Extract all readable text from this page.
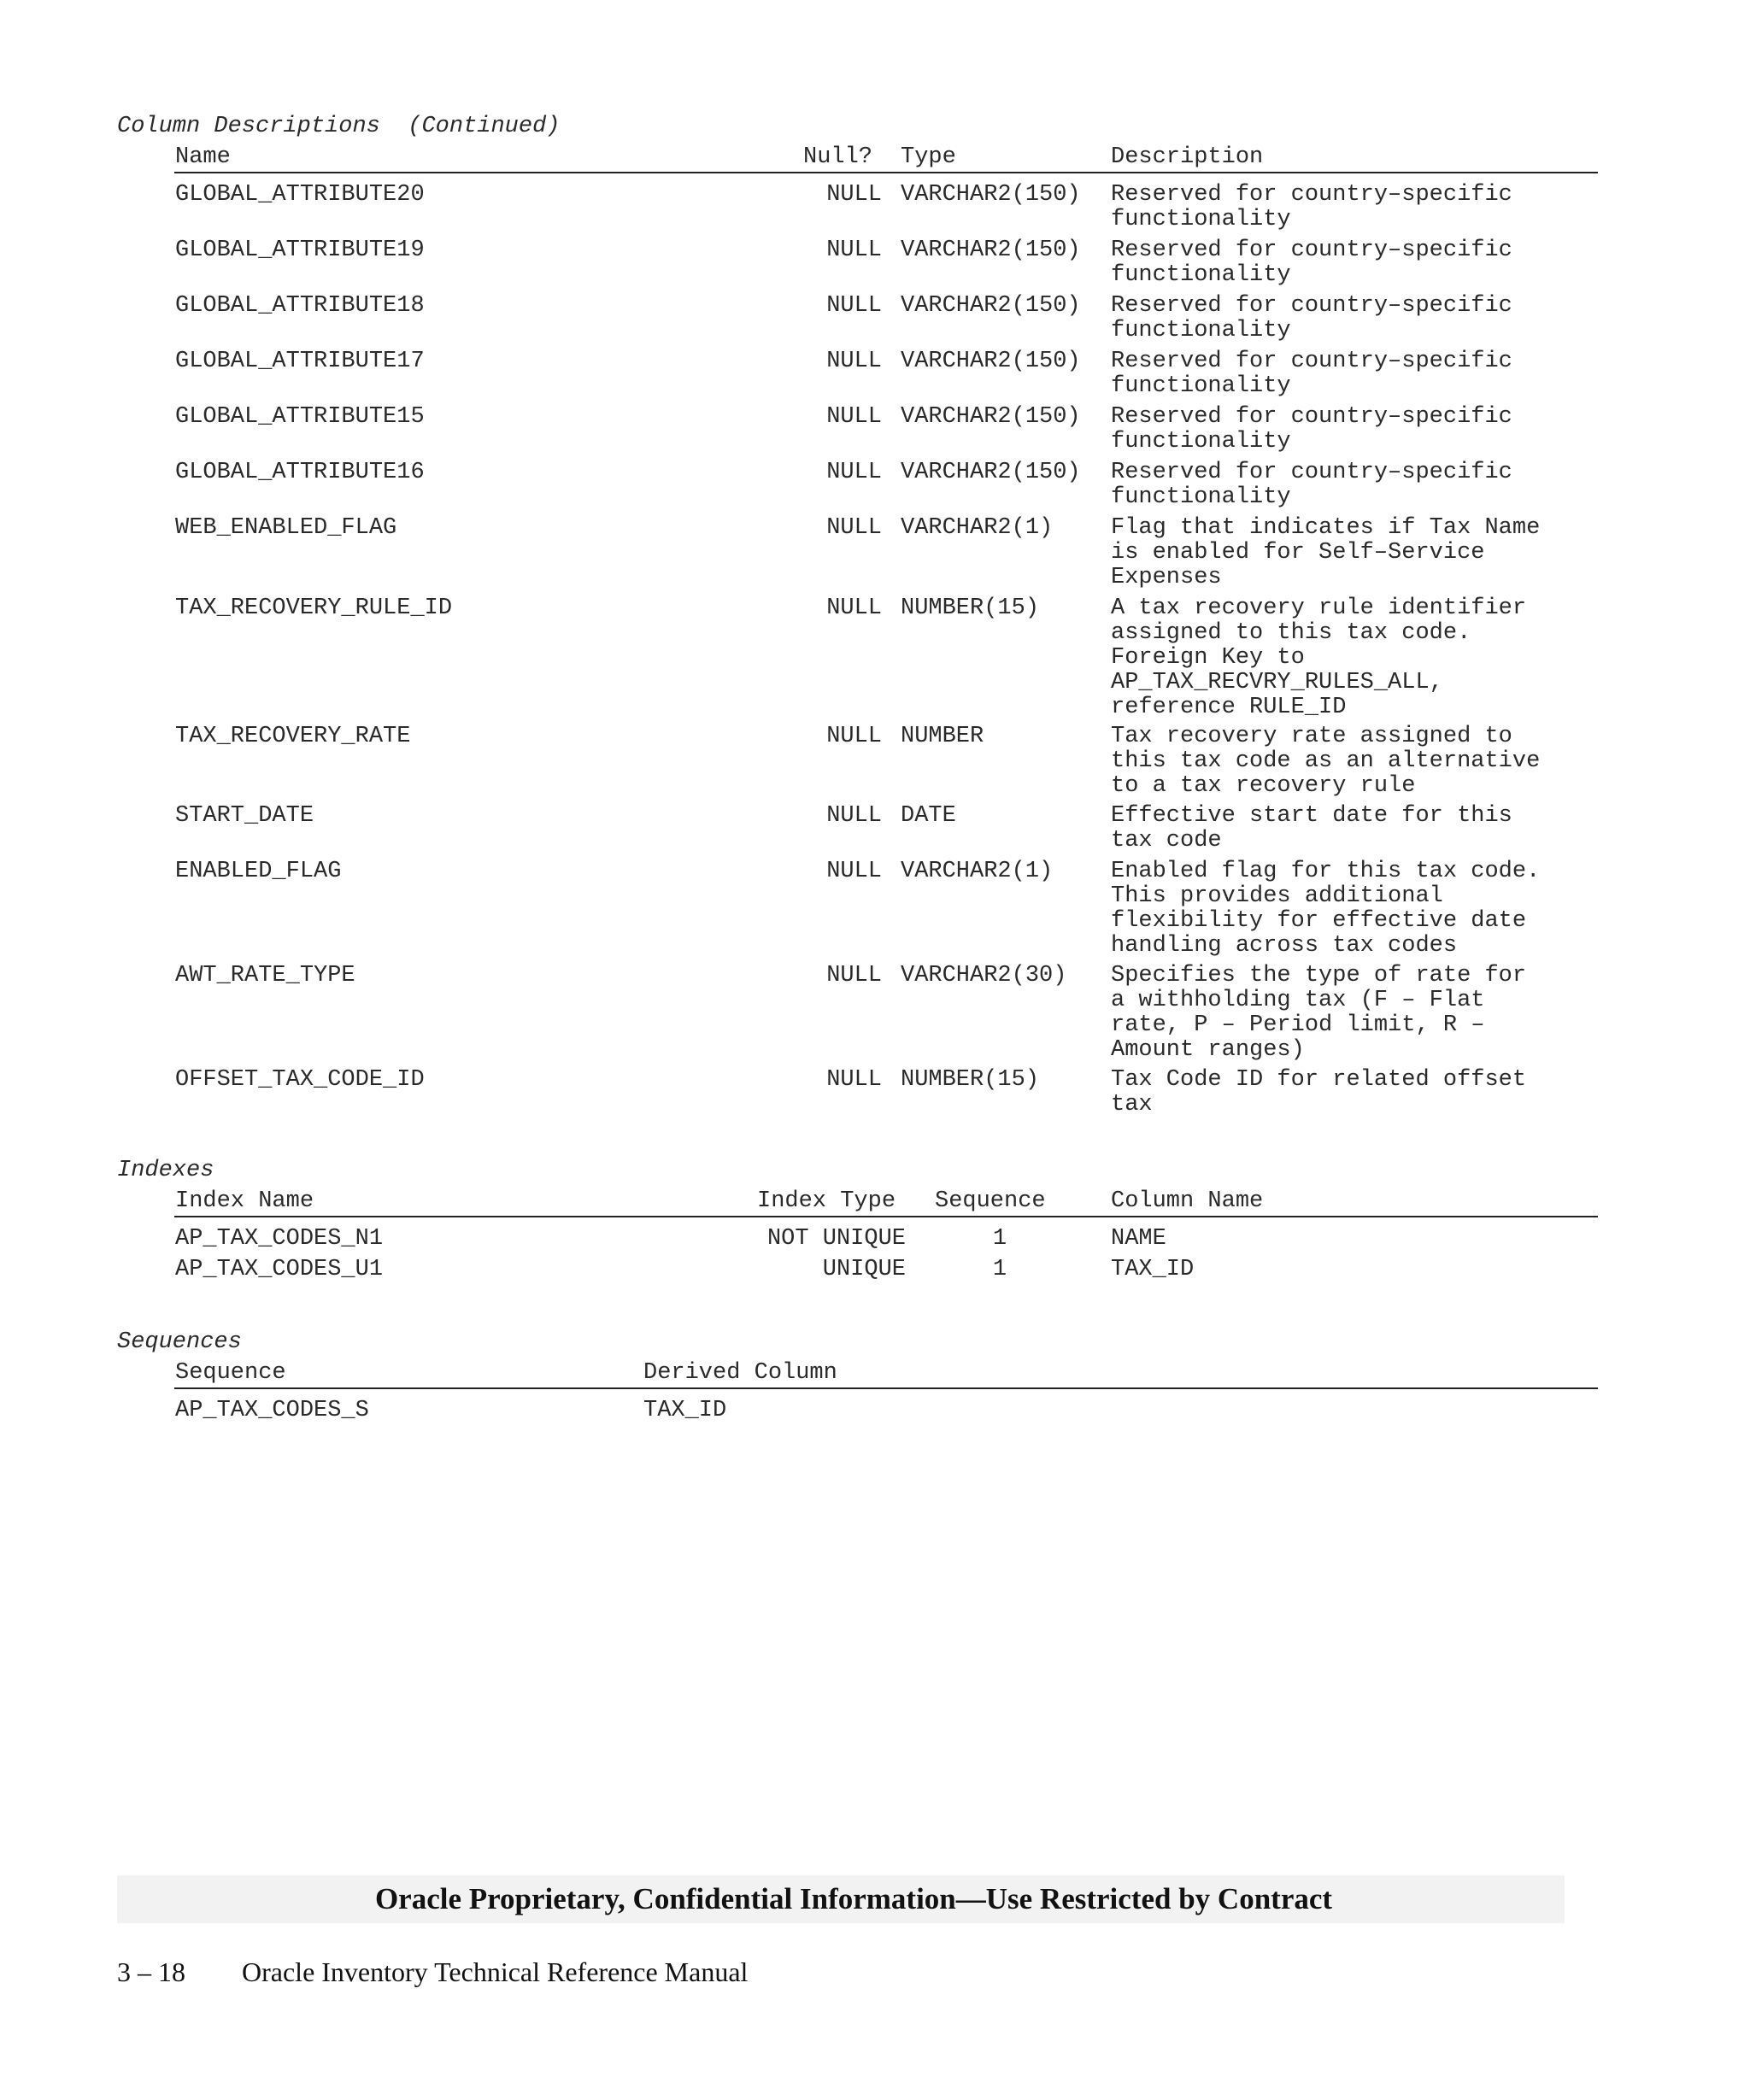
Column Descriptions  (Continued)
Name	Null? Type	Description
GLOBAL_ATTRIBUTE20	NULL VARCHAR2(150) Reserved for country–specific
functionality
GLOBAL_ATTRIBUTE19	NULL VARCHAR2(150) Reserved for country–specific
functionality
GLOBAL_ATTRIBUTE18	NULL VARCHAR2(150) Reserved for country–specific
functionality
GLOBAL_ATTRIBUTE17	NULL VARCHAR2(150) Reserved for country–specific
functionality
GLOBAL_ATTRIBUTE15	NULL VARCHAR2(150) Reserved for country–specific
functionality
GLOBAL_ATTRIBUTE16	NULL VARCHAR2(150) Reserved for country–specific
functionality
WEB_ENABLED_FLAG	NULL VARCHAR2(1)	Flag that indicates if Tax Name
is enabled for Self–Service
Expenses
TAX_RECOVERY_RULE_ID	NULL NUMBER(15)	A tax recovery rule identifier
assigned to this tax code.
Foreign Key to
AP_TAX_RECVRY_RULES_ALL,
reference RULE_ID
TAX_RECOVERY_RATE	NULL NUMBER	Tax recovery rate assigned to
this tax code as an alternative
to a tax recovery rule
START_DATE	NULL DATE	Effective start date for this
tax code
ENABLED_FLAG	NULL VARCHAR2(1)	Enabled flag for this tax code.
This provides additional
flexibility for effective date
handling across tax codes
AWT_RATE_TYPE	NULL VARCHAR2(30) Specifies the type of rate for
a withholding tax (F – Flat
rate, P – Period limit, R –
Amount ranges)
OFFSET_TAX_CODE_ID	NULL NUMBER(15)	Tax Code ID for related offset
tax
Indexes
Index Name	Index Type Sequence	Column Name
AP_TAX_CODES_N1	NOT UNIQUE	1	NAME
AP_TAX_CODES_U1	UNIQUE	1	TAX_ID
Sequences
Sequence	Derived Column
AP_TAX_CODES_S	TAX_ID
Oracle Proprietary, Confidential Information––Use Restricted by Contract
3 – 18 Oracle Inventory Technical Reference Manual
